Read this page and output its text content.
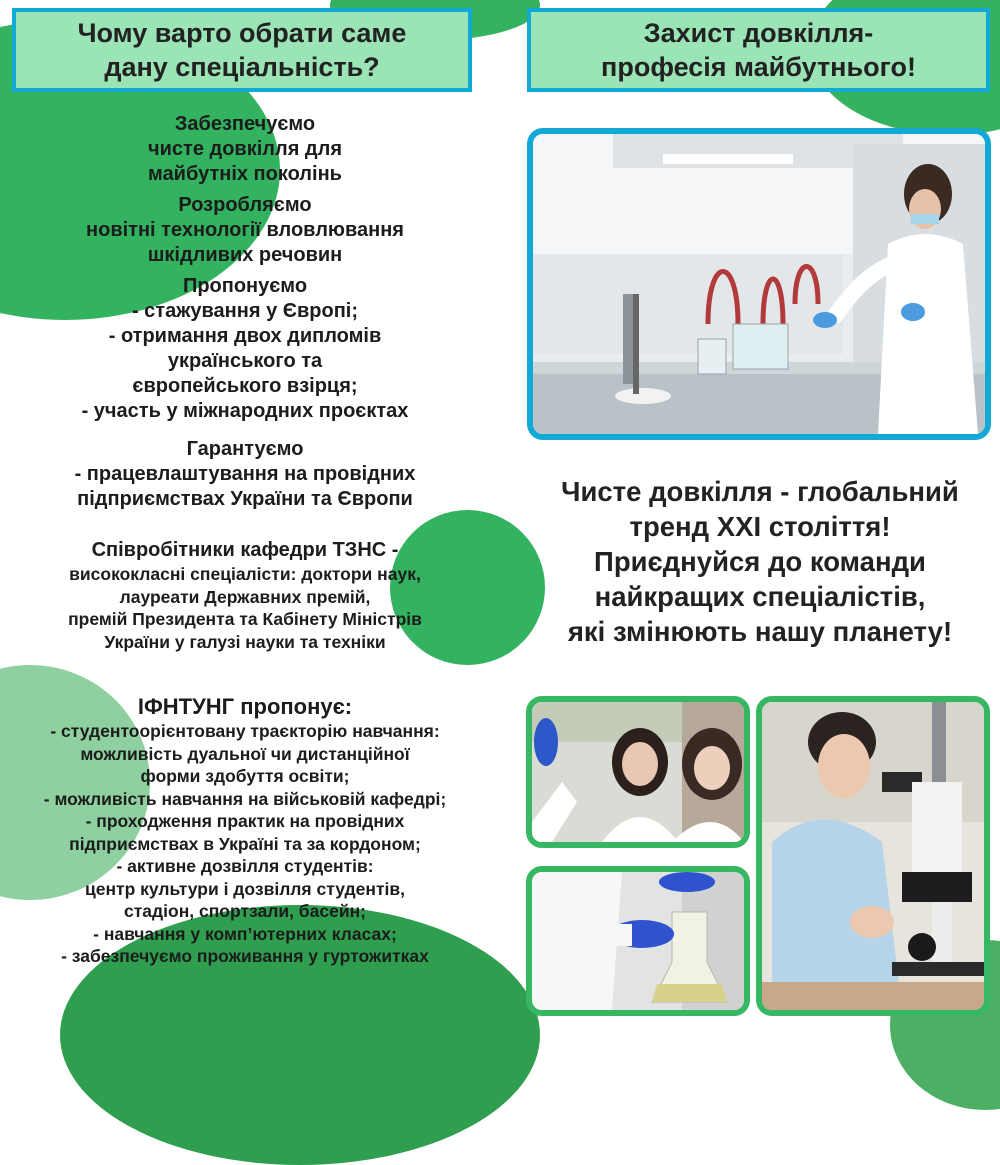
Чому варто обрати саме
дану спеціальність?
Захист довкілля-
професія майбутнього!
Забезпечуємо
чисте довкілля для
майбутніх поколінь
Розробляємо
новітні технології вловлювання
шкідливих речовин
Пропонуємо
- стажування у Європі;
- отримання двох дипломів
українського та
європейського взірця;
- участь у міжнародних проєктах
Гарантуємо
- працевлаштування на провідних
підприємствах України та Європи
Співробітники кафедри ТЗНС -
висококласні спеціалісти: доктори наук,
лауреати Державних премій,
премій Президента та Кабінету Міністрів
України у галузі науки та техніки
ІФНТУНГ пропонує:
- студентоорієнтовану траєкторію навчання:
можливість дуальної чи дистанційної
форми здобуття освіти;
- можливість навчання на військовій кафедрі;
- проходження практик на провідних
підприємствах в Україні та за кордоном;
- активне дозвілля студентів:
центр культури і дозвілля студентів,
стадіон, спортзали, басейн;
- навчання у комп’ютерних класах;
- забезпечуємо проживання у гуртожитках
Чисте довкілля - глобальний
тренд XXI століття!
Приєднуйся до команди
найкращих спеціалістів,
які змінюють нашу планету!
